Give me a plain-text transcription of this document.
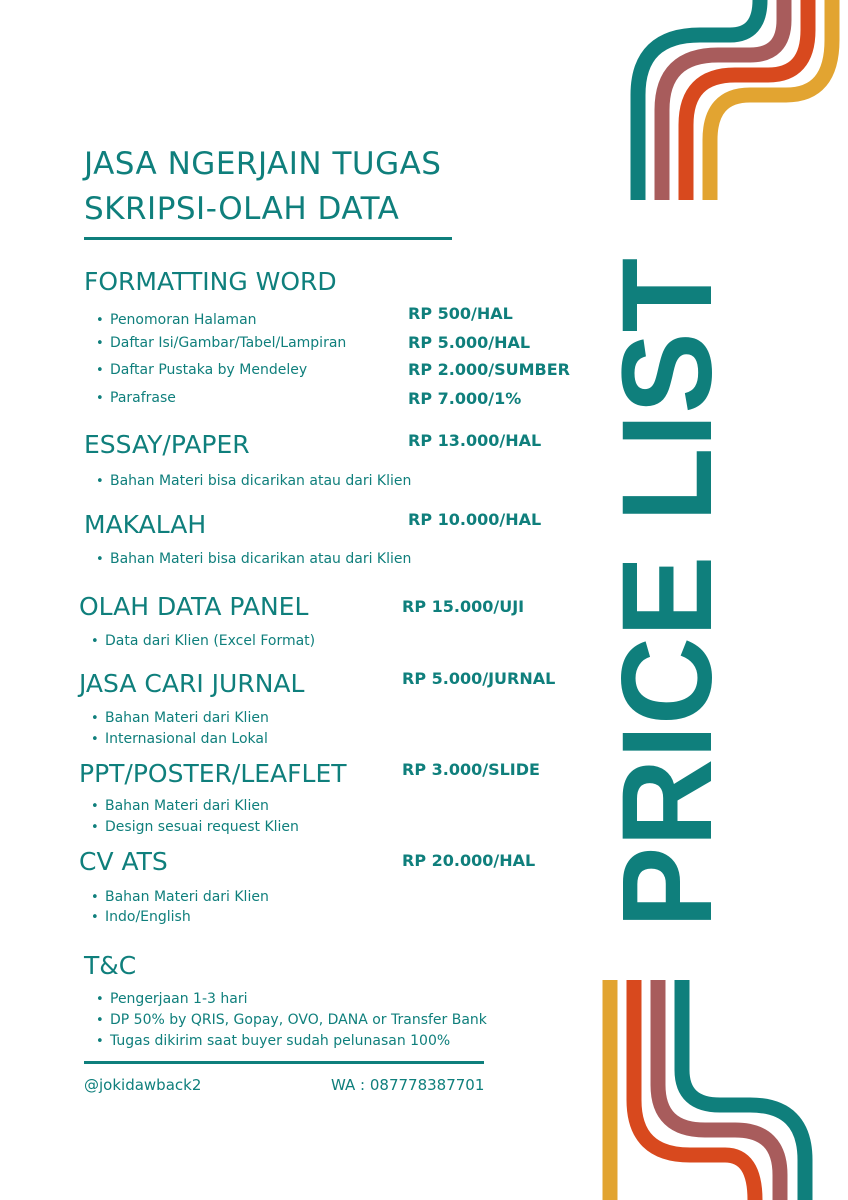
PRICE LIST
JASA NGERJAIN TUGAS
SKRIPSI-OLAH DATA
FORMATTING WORD
• Penomoran Halaman	RP 500/HAL
• Daftar Isi/Gambar/Tabel/Lampiran	RP 5.000/HAL
• Daftar Pustaka by Mendeley	RP 2.000/SUMBER
• Parafrase	RP 7.000/1%
ESSAY/PAPER	RP 13.000/HAL
• Bahan Materi bisa dicarikan atau dari Klien
MAKALAH	RP 10.000/HAL
• Bahan Materi bisa dicarikan atau dari Klien
OLAH DATA PANEL	RP 15.000/UJI
• Data dari Klien (Excel Format)
JASA CARI JURNAL	RP 5.000/JURNAL
• Bahan Materi dari Klien
• Internasional dan Lokal
PPT/POSTER/LEAFLET	RP 3.000/SLIDE
• Bahan Materi dari Klien
• Design sesuai request Klien
CV ATS	RP 20.000/HAL
• Bahan Materi dari Klien
• Indo/English
T&C
• Pengerjaan 1-3 hari
• DP 50% by QRIS, Gopay, OVO, DANA or Transfer Bank
• Tugas dikirim saat buyer sudah pelunasan 100%
@jokidawback2	WA : 087778387701
